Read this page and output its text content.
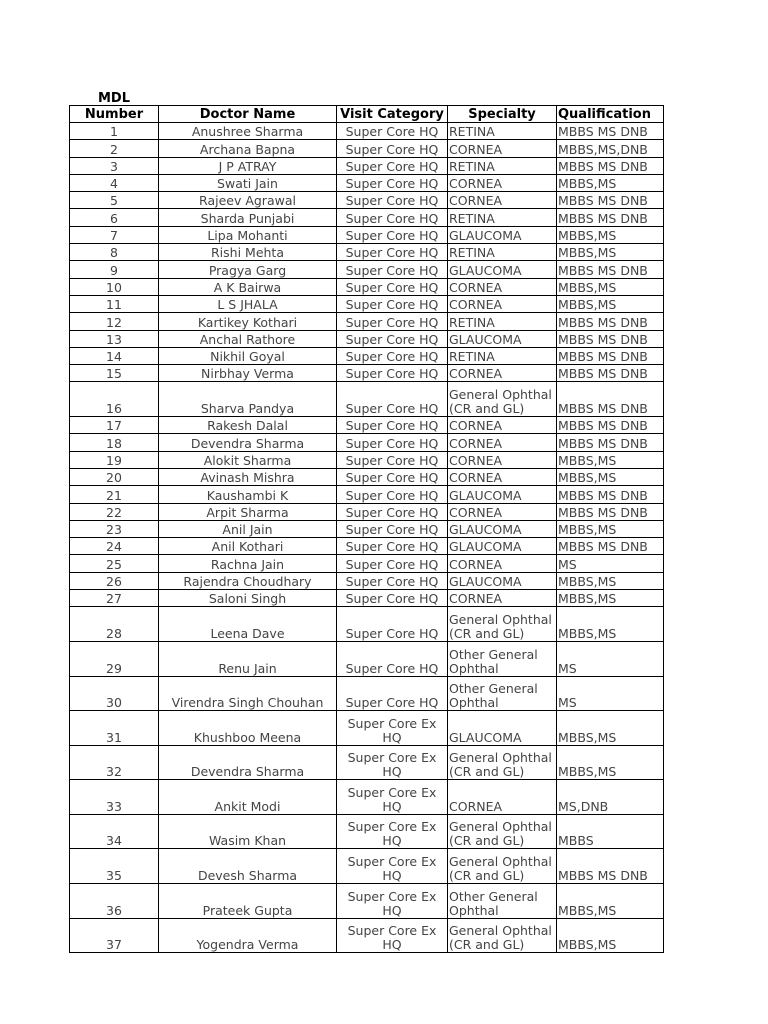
MDL
Number	Doctor Name	Visit Category	Specialty	Qualification
1	Anushree Sharma	Super Core HQ	RETINA	MBBS MS DNB
2	Archana Bapna	Super Core HQ	CORNEA	MBBS,MS,DNB
3	J P ATRAY	Super Core HQ	RETINA	MBBS MS DNB
4	Swati Jain	Super Core HQ	CORNEA	MBBS,MS
5	Rajeev Agrawal	Super Core HQ	CORNEA	MBBS MS DNB
6	Sharda Punjabi	Super Core HQ	RETINA	MBBS MS DNB
7	Lipa Mohanti	Super Core HQ	GLAUCOMA	MBBS,MS
8	Rishi Mehta	Super Core HQ	RETINA	MBBS,MS
9	Pragya Garg	Super Core HQ	GLAUCOMA	MBBS MS DNB
10	A K Bairwa	Super Core HQ	CORNEA	MBBS,MS
11	L S JHALA	Super Core HQ	CORNEA	MBBS,MS
12	Kartikey Kothari	Super Core HQ	RETINA	MBBS MS DNB
13	Anchal Rathore	Super Core HQ	GLAUCOMA	MBBS MS DNB
14	Nikhil Goyal	Super Core HQ	RETINA	MBBS MS DNB
15	Nirbhay Verma	Super Core HQ	CORNEA	MBBS MS DNB
16	Sharva Pandya	Super Core HQ	General Ophthal (CR and GL)	MBBS MS DNB
17	Rakesh Dalal	Super Core HQ	CORNEA	MBBS MS DNB
18	Devendra Sharma	Super Core HQ	CORNEA	MBBS MS DNB
19	Alokit Sharma	Super Core HQ	CORNEA	MBBS,MS
20	Avinash Mishra	Super Core HQ	CORNEA	MBBS,MS
21	Kaushambi K	Super Core HQ	GLAUCOMA	MBBS MS DNB
22	Arpit Sharma	Super Core HQ	CORNEA	MBBS MS DNB
23	Anil Jain	Super Core HQ	GLAUCOMA	MBBS,MS
24	Anil Kothari	Super Core HQ	GLAUCOMA	MBBS MS DNB
25	Rachna Jain	Super Core HQ	CORNEA	MS
26	Rajendra Choudhary	Super Core HQ	GLAUCOMA	MBBS,MS
27	Saloni Singh	Super Core HQ	CORNEA	MBBS,MS
28	Leena Dave	Super Core HQ	General Ophthal (CR and GL)	MBBS,MS
29	Renu Jain	Super Core HQ	Other General Ophthal	MS
30	Virendra Singh Chouhan	Super Core HQ	Other General Ophthal	MS
31	Khushboo Meena	Super Core Ex HQ	GLAUCOMA	MBBS,MS
32	Devendra Sharma	Super Core Ex HQ	General Ophthal (CR and GL)	MBBS,MS
33	Ankit Modi	Super Core Ex HQ	CORNEA	MS,DNB
34	Wasim Khan	Super Core Ex HQ	General Ophthal (CR and GL)	MBBS
35	Devesh Sharma	Super Core Ex HQ	General Ophthal (CR and GL)	MBBS MS DNB
36	Prateek Gupta	Super Core Ex HQ	Other General Ophthal	MBBS,MS
37	Yogendra Verma	Super Core Ex HQ	General Ophthal (CR and GL)	MBBS,MS
